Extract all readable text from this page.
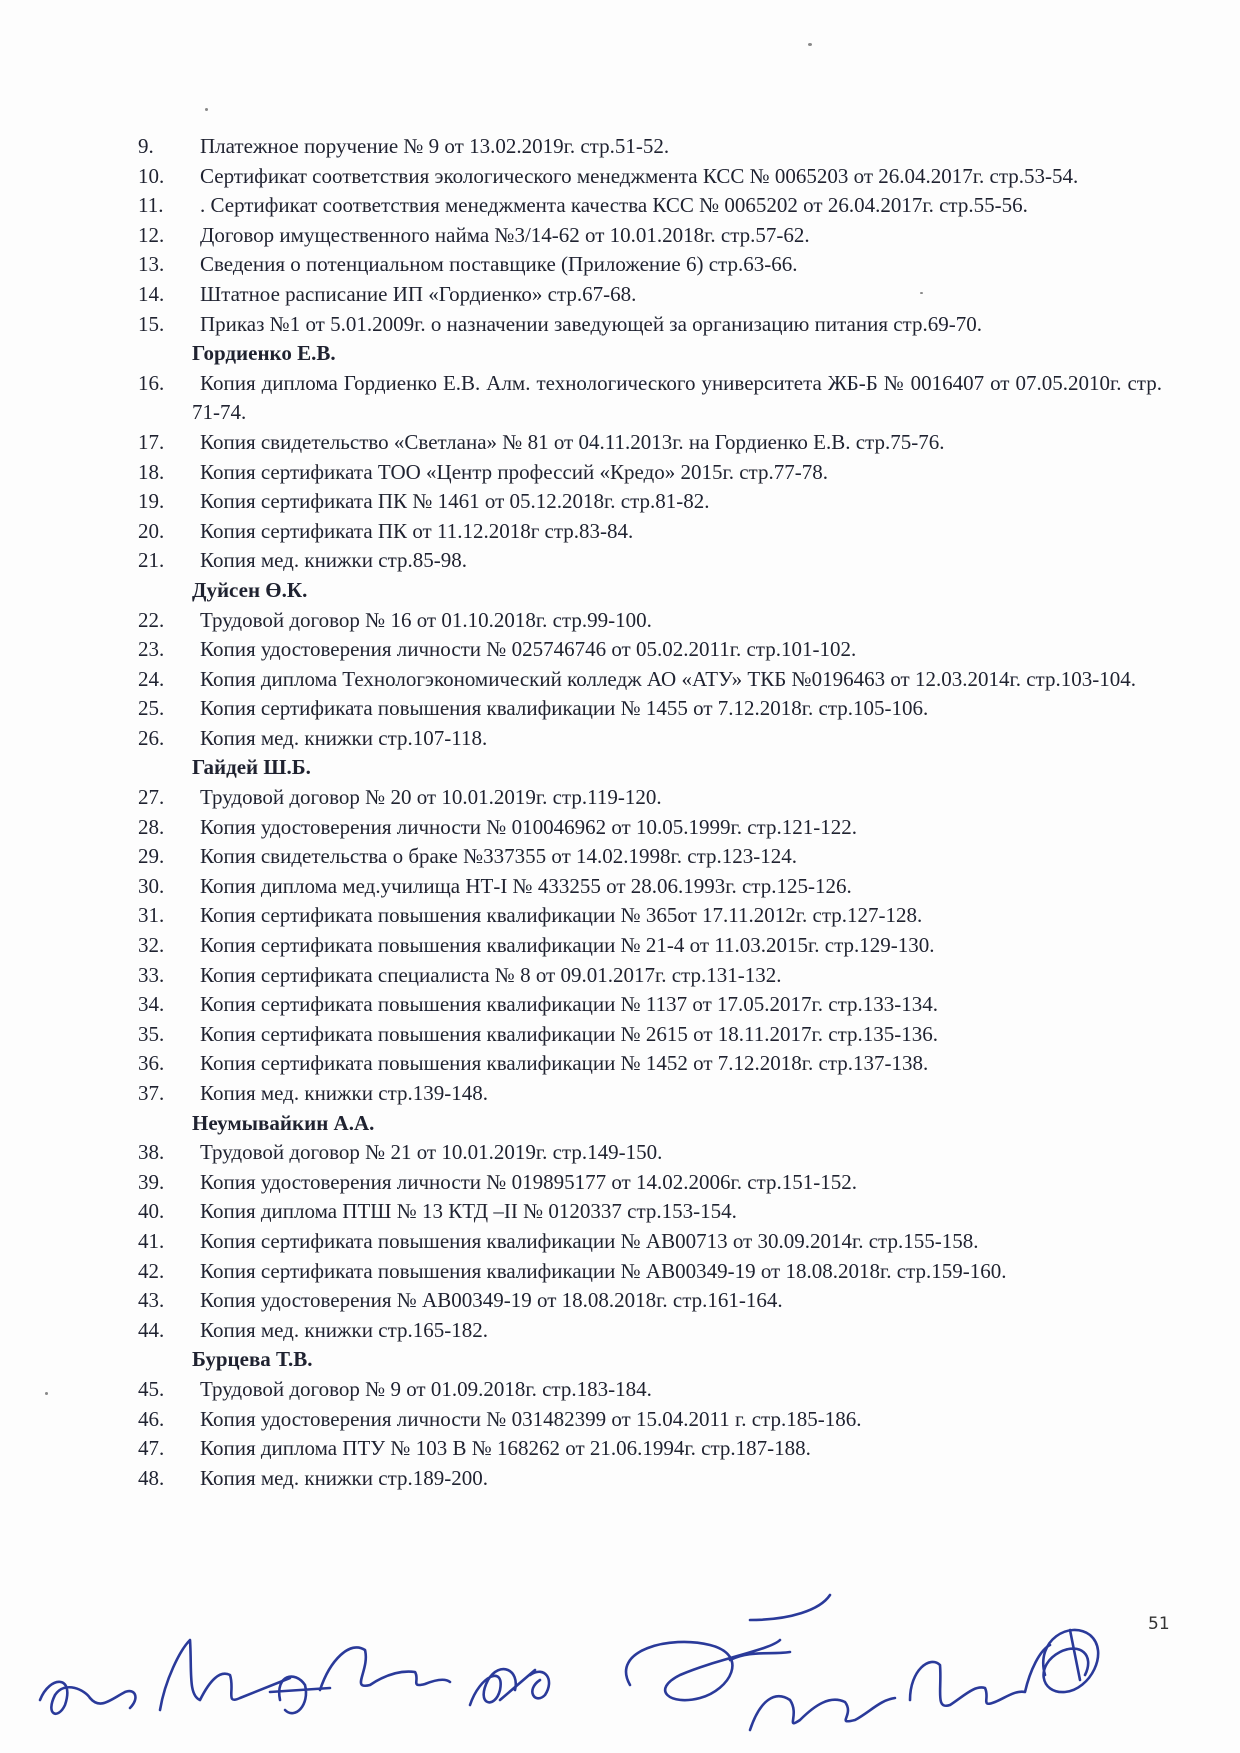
9.	Платежное поручение № 9 от 13.02.2019г. стр.51-52.
10.	Сертификат соответствия экологического менеджмента КСС № 0065203 от 26.04.2017г. стр.53-54.
11.	. Сертификат соответствия менеджмента качества КСС № 0065202 от 26.04.2017г. стр.55-56.
12.	Договор имущественного найма №3/14-62 от 10.01.2018г. стр.57-62.
13.	Сведения о потенциальном поставщике (Приложение 6) стр.63-66.
14.	Штатное расписание ИП «Гордиенко» стр.67-68.
15.	Приказ №1 от 5.01.2009г. о назначении заведующей за организацию питания стр.69-70.
Гордиенко Е.В.
16.	Копия диплома Гордиенко Е.В. Алм. технологического университета ЖБ-Б № 0016407 от 07.05.2010г. стр. 71-74.
17.	Копия свидетельство «Светлана» № 81 от 04.11.2013г. на Гордиенко Е.В. стр.75-76.
18.	Копия сертификата ТОО «Центр профессий «Кредо» 2015г. стр.77-78.
19.	Копия сертификата ПК № 1461 от 05.12.2018г. стр.81-82.
20.	Копия сертификата ПК от 11.12.2018г стр.83-84.
21.	Копия мед. книжки стр.85-98.
Дуйсен Ө.К.
22.	Трудовой договор № 16 от 01.10.2018г. стр.99-100.
23.	Копия удостоверения личности № 025746746 от 05.02.2011г. стр.101-102.
24.	Копия диплома Технологэкономический колледж АО «АТУ» ТКБ №0196463 от 12.03.2014г. стр.103-104.
25.	Копия сертификата повышения квалификации № 1455 от 7.12.2018г. стр.105-106.
26.	Копия мед. книжки стр.107-118.
Гайдей Ш.Б.
27.	Трудовой договор № 20 от 10.01.2019г. стр.119-120.
28.	Копия удостоверения личности № 010046962 от 10.05.1999г. стр.121-122.
29.	Копия свидетельства о браке №337355 от 14.02.1998г. стр.123-124.
30.	Копия диплома мед.училища НТ-I № 433255 от 28.06.1993г. стр.125-126.
31.	Копия сертификата повышения квалификации № 365от 17.11.2012г. стр.127-128.
32.	Копия сертификата повышения квалификации № 21-4 от 11.03.2015г. стр.129-130.
33.	Копия сертификата специалиста № 8 от 09.01.2017г. стр.131-132.
34.	Копия сертификата повышения квалификации № 1137 от 17.05.2017г. стр.133-134.
35.	Копия сертификата повышения квалификации № 2615 от 18.11.2017г. стр.135-136.
36.	Копия сертификата повышения квалификации № 1452 от 7.12.2018г. стр.137-138.
37.	Копия мед. книжки стр.139-148.
Неумывайкин А.А.
38.	Трудовой договор № 21 от 10.01.2019г. стр.149-150.
39.	Копия удостоверения личности № 019895177 от 14.02.2006г. стр.151-152.
40.	Копия диплома ПТШ № 13 КТД –II № 0120337 стр.153-154.
41.	Копия сертификата повышения квалификации № АВ00713 от 30.09.2014г. стр.155-158.
42.	Копия сертификата повышения квалификации № АВ00349-19 от 18.08.2018г. стр.159-160.
43.	Копия удостоверения № АВ00349-19 от 18.08.2018г. стр.161-164.
44.	Копия мед. книжки стр.165-182.
Бурцева Т.В.
45.	Трудовой договор № 9 от 01.09.2018г. стр.183-184.
46.	Копия удостоверения личности № 031482399 от 15.04.2011 г. стр.185-186.
47.	Копия диплома ПТУ № 103 В № 168262 от 21.06.1994г. стр.187-188.
48.	Копия мед. книжки стр.189-200.
51
